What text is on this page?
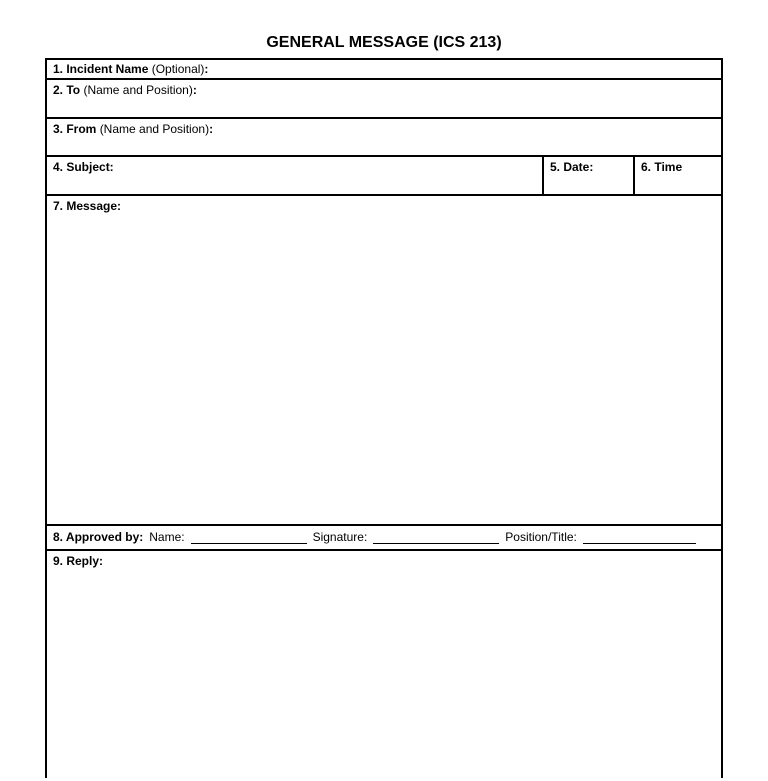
GENERAL MESSAGE (ICS 213)
1. Incident Name (Optional):
2. To (Name and Position):
3. From (Name and Position):
4. Subject:	5. Date:	6. Time
7. Message:
8. Approved by: Name:	Signature:	Position/Title:
9. Reply:
